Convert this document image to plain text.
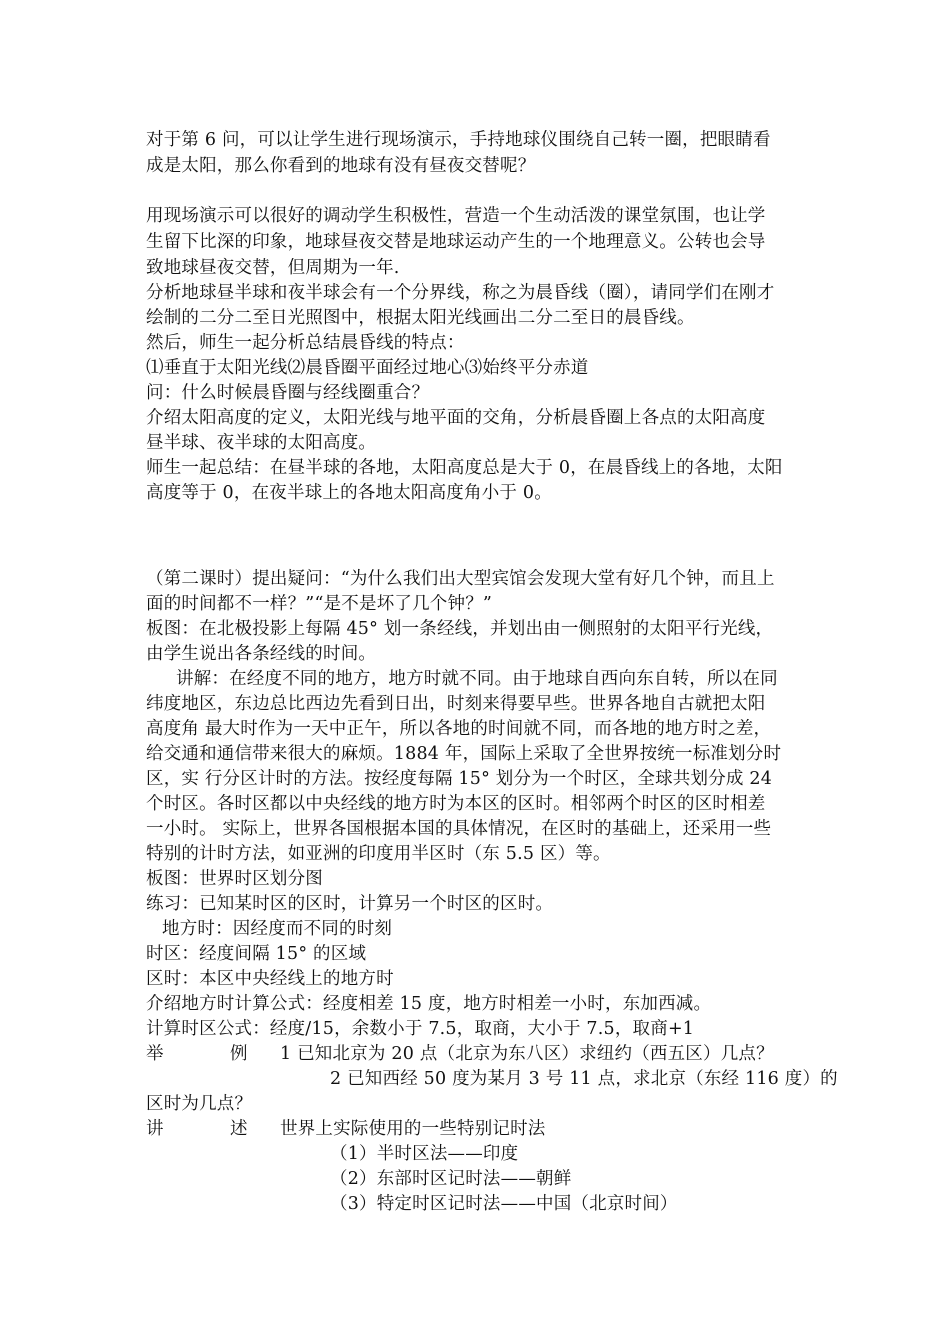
对于第 6 问，可以让学生进行现场演示，手持地球仪围绕自己转一圈，把眼睛看
成是太阳，那么你看到的地球有没有昼夜交替呢？
用现场演示可以很好的调动学生积极性，营造一个生动活泼的课堂氛围，也让学
生留下比深的印象，地球昼夜交替是地球运动产生的一个地理意义。公转也会导
致地球昼夜交替，但周期为一年.
分析地球昼半球和夜半球会有一个分界线，称之为晨昏线（圈），请同学们在刚才
绘制的二分二至日光照图中，根据太阳光线画出二分二至日的晨昏线。
然后，师生一起分析总结晨昏线的特点：
⑴垂直于太阳光线⑵晨昏圈平面经过地心⑶始终平分赤道
问：什么时候晨昏圈与经线圈重合？
介绍太阳高度的定义，太阳光线与地平面的交角，分析晨昏圈上各点的太阳高度
昼半球、夜半球的太阳高度。
师生一起总结：在昼半球的各地，太阳高度总是大于 0，在晨昏线上的各地，太阳
高度等于 0，在夜半球上的各地太阳高度角小于 0。
（第二课时）提出疑问：“为什么我们出大型宾馆会发现大堂有好几个钟，而且上
面的时间都不一样？”“是不是坏了几个钟？”
板图：在北极投影上每隔 45° 划一条经线，并划出由一侧照射的太阳平行光线，
由学生说出各条经线的时间。
讲解：在经度不同的地方，地方时就不同。由于地球自西向东自转，所以在同
纬度地区，东边总比西边先看到日出，时刻来得要早些。世界各地自古就把太阳
高度角 最大时作为一天中正午，所以各地的时间就不同，而各地的地方时之差，
给交通和通信带来很大的麻烦。1884 年，国际上采取了全世界按统一标准划分时
区，实 行分区计时的方法。按经度每隔 15° 划分为一个时区，全球共划分成 24
个时区。各时区都以中央经线的地方时为本区的区时。相邻两个时区的区时相差
一小时。 实际上，世界各国根据本国的具体情况，在区时的基础上，还采用一些
特别的计时方法，如亚洲的印度用半区时（东 5.5 区）等。
板图：世界时区划分图
练习：已知某时区的区时，计算另一个时区的区时。
地方时：因经度而不同的时刻
时区：经度间隔 15° 的区域
区时：本区中央经线上的地方时
介绍地方时计算公式：经度相差 15 度，地方时相差一小时，东加西减。
计算时区公式：经度/15，余数小于 7.5，取商，大小于 7.5，取商+1
举	例 1 已知北京为 20 点（北京为东八区）求纽约（西五区）几点？
2 已知西经 50 度为某月 3 号 11 点，求北京（东经 116 度）的
区时为几点？
讲	述 世界上实际使用的一些特别记时法
（1）半时区法——印度
（2）东部时区记时法——朝鲜
（3）特定时区记时法——中国（北京时间）
